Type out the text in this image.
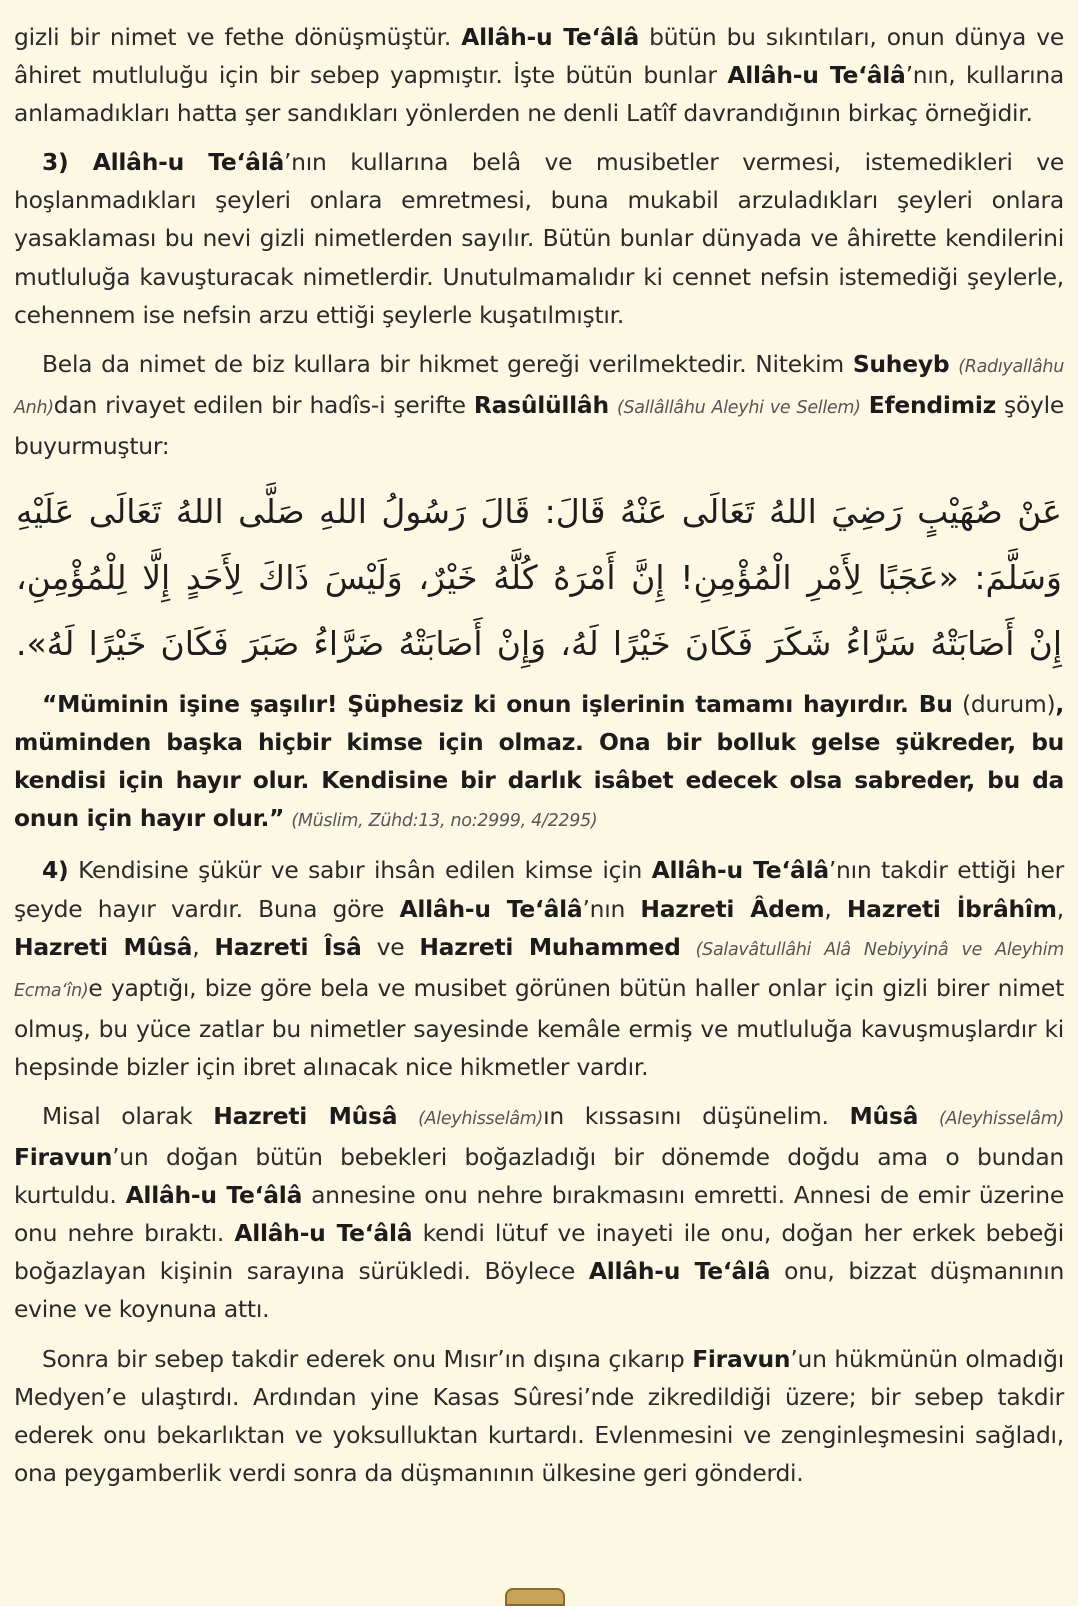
gizli bir nimet ve fethe dönüşmüştür. Allâh-u Te‘âlâ bütün bu sıkıntıları, onun dünya ve âhiret mutluluğu için bir sebep yapmıştır. İşte bütün bunlar Allâh-u Te‘âlâ’nın, kullarına anlamadıkları hatta şer sandıkları yönlerden ne denli Latîf davrandığının birkaç örneğidir.

3) Allâh-u Te‘âlâ’nın kullarına belâ ve musibetler vermesi, istemedikleri ve hoşlanmadıkları şeyleri onlara emretmesi, buna mukabil arzuladıkları şeyleri onlara yasaklaması bu nevi gizli nimetlerden sayılır. Bütün bunlar dünyada ve âhirette kendilerini mutluluğa kavuşturacak nimetlerdir. Unutulmamalıdır ki cennet nefsin istemediği şeylerle, cehennem ise nefsin arzu ettiği şeylerle kuşatılmıştır.

Bela da nimet de biz kullara bir hikmet gereği verilmektedir. Nitekim Suheyb (Radıyallâhu Anh)dan rivayet edilen bir hadîs-i şerifte Rasûlüllâh (Sallâllâhu Aleyhi ve Sellem) Efendimiz şöyle buyurmuştur:

عَنْ صُهَيْبٍ رَضِيَ اللهُ تَعَالَى عَنْهُ قَالَ: قَالَ رَسُولُ اللهِ صَلَّى اللهُ تَعَالَى عَلَيْهِ
وَسَلَّمَ: «عَجَبًا لِأَمْرِ الْمُؤْمِنِ! إِنَّ أَمْرَهُ كُلَّهُ خَيْرٌ، وَلَيْسَ ذَاكَ لِأَحَدٍ إِلَّا لِلْمُؤْمِنِ،
إِنْ أَصَابَتْهُ سَرَّاءُ شَكَرَ فَكَانَ خَيْرًا لَهُ، وَإِنْ أَصَابَتْهُ ضَرَّاءُ صَبَرَ فَكَانَ خَيْرًا لَهُ».

“Müminin işine şaşılır! Şüphesiz ki onun işlerinin tamamı hayırdır. Bu (durum), müminden başka hiçbir kimse için olmaz. Ona bir bolluk gelse şükreder, bu kendisi için hayır olur. Kendisine bir darlık isâbet edecek olsa sabreder, bu da onun için hayır olur.” (Müslim, Zühd:13, no:2999, 4/2295)

4) Kendisine şükür ve sabır ihsân edilen kimse için Allâh-u Te‘âlâ’nın takdir ettiği her şeyde hayır vardır. Buna göre Allâh-u Te‘âlâ’nın Hazreti Âdem, Hazreti İbrâhîm, Hazreti Mûsâ, Hazreti Îsâ ve Hazreti Muhammed (Salavâtullâhi Alâ Nebiyyinâ ve Aleyhim Ecma‘în)e yaptığı, bize göre bela ve musibet görünen bütün haller onlar için gizli birer nimet olmuş, bu yüce zatlar bu nimetler sayesinde kemâle ermiş ve mutluluğa kavuşmuşlardır ki hepsinde bizler için ibret alınacak nice hikmetler vardır.

Misal olarak Hazreti Mûsâ (Aleyhisselâm)ın kıssasını düşünelim. Mûsâ (Aleyhisselâm) Firavun’un doğan bütün bebekleri boğazladığı bir dönemde doğdu ama o bundan kurtuldu. Allâh-u Te‘âlâ annesine onu nehre bırakmasını emretti. Annesi de emir üzerine onu nehre bıraktı. Allâh-u Te‘âlâ kendi lütuf ve inayeti ile onu, doğan her erkek bebeği boğazlayan kişinin sarayına sürükledi. Böylece Allâh-u Te‘âlâ onu, bizzat düşmanının evine ve koynuna attı.

Sonra bir sebep takdir ederek onu Mısır’ın dışına çıkarıp Firavun’un hükmünün olmadığı Medyen’e ulaştırdı. Ardından yine Kasas Sûresi’nde zikredildiği üzere; bir sebep takdir ederek onu bekarlıktan ve yoksulluktan kurtardı. Evlenmesini ve zenginleşmesini sağladı, ona peygamberlik verdi sonra da düşmanının ülkesine geri gönderdi.
